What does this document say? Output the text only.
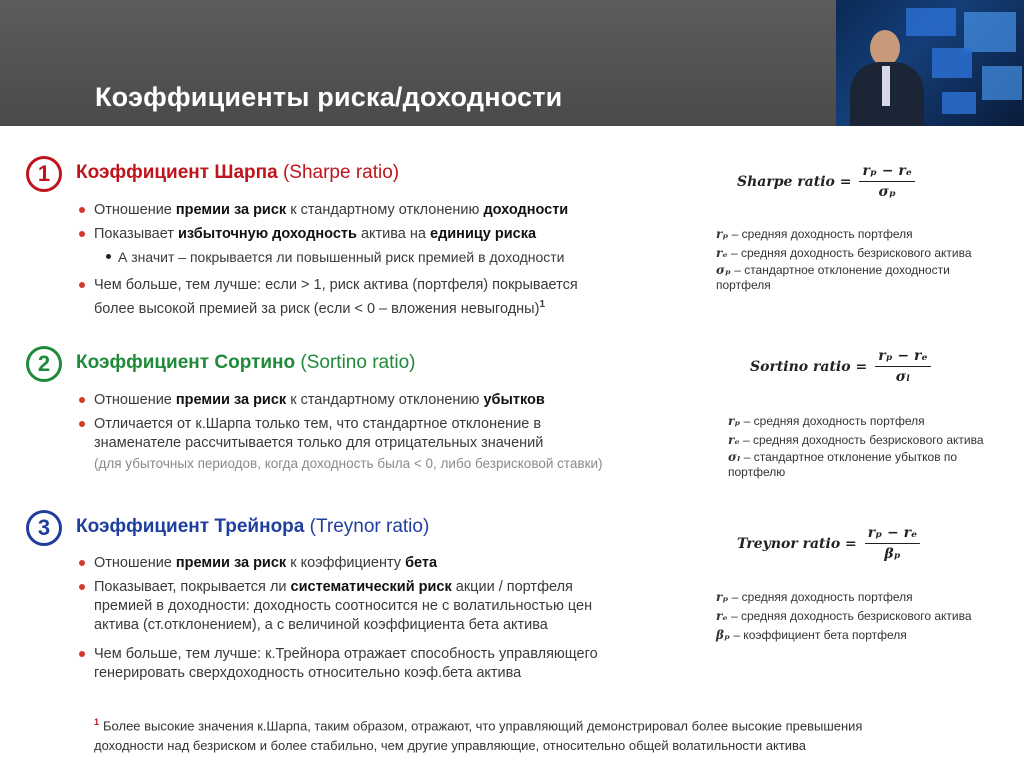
Коэффициенты риска/доходности
1	Коэффициент Шарпа (Sharpe ratio)
Отношение премии за риск к стандартному отклонению доходности
Показывает избыточную доходность актива на единицу риска
А значит – покрывается ли повышенный риск премией в доходности
Чем больше, тем лучше: если > 1, риск актива (портфеля) покрывается
более высокой премией за риск (если < 0 – вложения невыгодны)$^1$
Sharpe ratio = $\frac{\text{rₚ − rₑ}}{\text{σₚ}}$
rₚ – средняя доходность портфеля
rₑ – средняя доходность безрискового актива
σₚ – стандартное отклонение доходности портфеля
2	Коэффициент Сортино (Sortino ratio)
Отношение премии за риск к стандартному отклонению убытков
Отличается от к.Шарпа только тем, что стандартное отклонение в
знаменателе рассчитывается только для отрицательных значений
(для убыточных периодов, когда доходность была < 0, либо безрисковой ставки)
Sortino ratio = $\frac{\text{rₚ − rₑ}}{\text{σₗ}}$
rₚ – средняя доходность портфеля
rₑ – средняя доходность безрискового актива
σₗ – стандартное отклонение убытков по портфелю
3	Коэффициент Трейнора (Treynor ratio)
Отношение премии за риск к коэффициенту бета
Показывает, покрывается ли систематический риск акции / портфеля
премией в доходности: доходность соотносится не с волатильностью цен
актива (ст.отклонением), а с величиной коэффициента бета актива
Чем больше, тем лучше: к.Трейнора отражает способность управляющего
генерировать сверхдоходность относительно коэф.бета актива
Treynor ratio = $\frac{\text{rₚ − rₑ}}{\text{βₚ}}$
rₚ – средняя доходность портфеля
rₑ – средняя доходность безрискового актива
βₚ – коэффициент бета портфеля
$^1$ Более высокие значения к.Шарпа, таким образом, отражают, что управляющий демонстрировал более высокие превышения
доходности над безриском и более стабильно, чем другие управляющие, относительно общей волатильности актива
